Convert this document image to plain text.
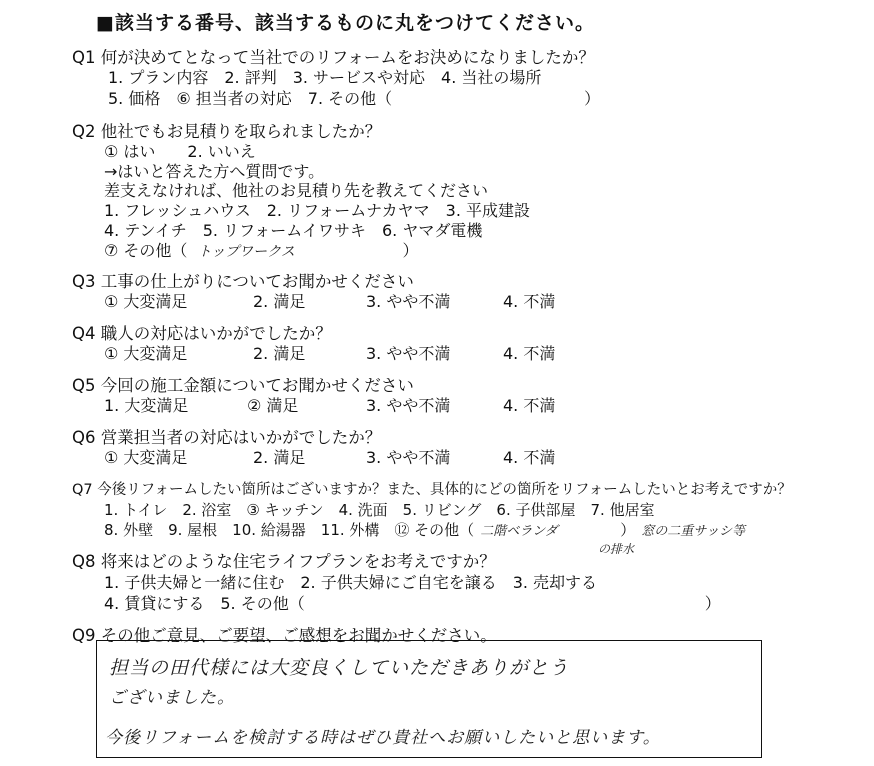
■該当する番号、該当するものに丸をつけてください。
Q1 何が決めてとなって当社でのリフォームをお決めになりましたか？
1. プラン内容　2. 評判　3. サービスや対応　4. 当社の場所
5. 価格　⑥ 担当者の対応　7. その他（　　　　　　　　　　　　）
Q2 他社でもお見積りを取られましたか？
① はい　　2. いいえ
→はいと答えた方へ質問です。
差支えなければ、他社のお見積り先を教えてください
1. フレッシュハウス　2. リフォームナカヤマ　3. 平成建設
4. テンイチ　5. リフォームイワサキ　6. ヤマダ電機
⑦ その他（ トップワークス	）
Q3 工事の仕上がりについてお聞かせください
① 大変満足	2. 満足	3. やや不満	4. 不満
Q4 職人の対応はいかがでしたか？
① 大変満足	2. 満足	3. やや不満	4. 不満
Q5 今回の施工金額についてお聞かせください
1. 大変満足	② 満足	3. やや不満	4. 不満
Q6 営業担当者の対応はいかがでしたか？
① 大変満足	2. 満足	3. やや不満	4. 不満
Q7 今後リフォームしたい箇所はございますか？また、具体的にどの箇所をリフォームしたいとお考えですか？
1. トイレ　2. 浴室　③ キッチン　4. 洗面　5. リビング　6. 子供部屋　7. 他居室
8. 外壁　9. 屋根　10. 給湯器　11. 外構　⑫ その他（ 二階ベランダ	） 窓の二重サッシ等
の排水
Q8 将来はどのような住宅ライフプランをお考えですか？
1. 子供夫婦と一緒に住む　2. 子供夫婦にご自宅を譲る　3. 売却する
4. 賃貸にする　5. その他（　　　　　　　　　　　　　　　　　　　　　　　　　）
Q9 その他ご意見、ご要望、ご感想をお聞かせください。
担当の田代様には大変良くしていただきありがとう
ございました。
今後リフォームを検討する時はぜひ貴社へお願いしたいと思います。
